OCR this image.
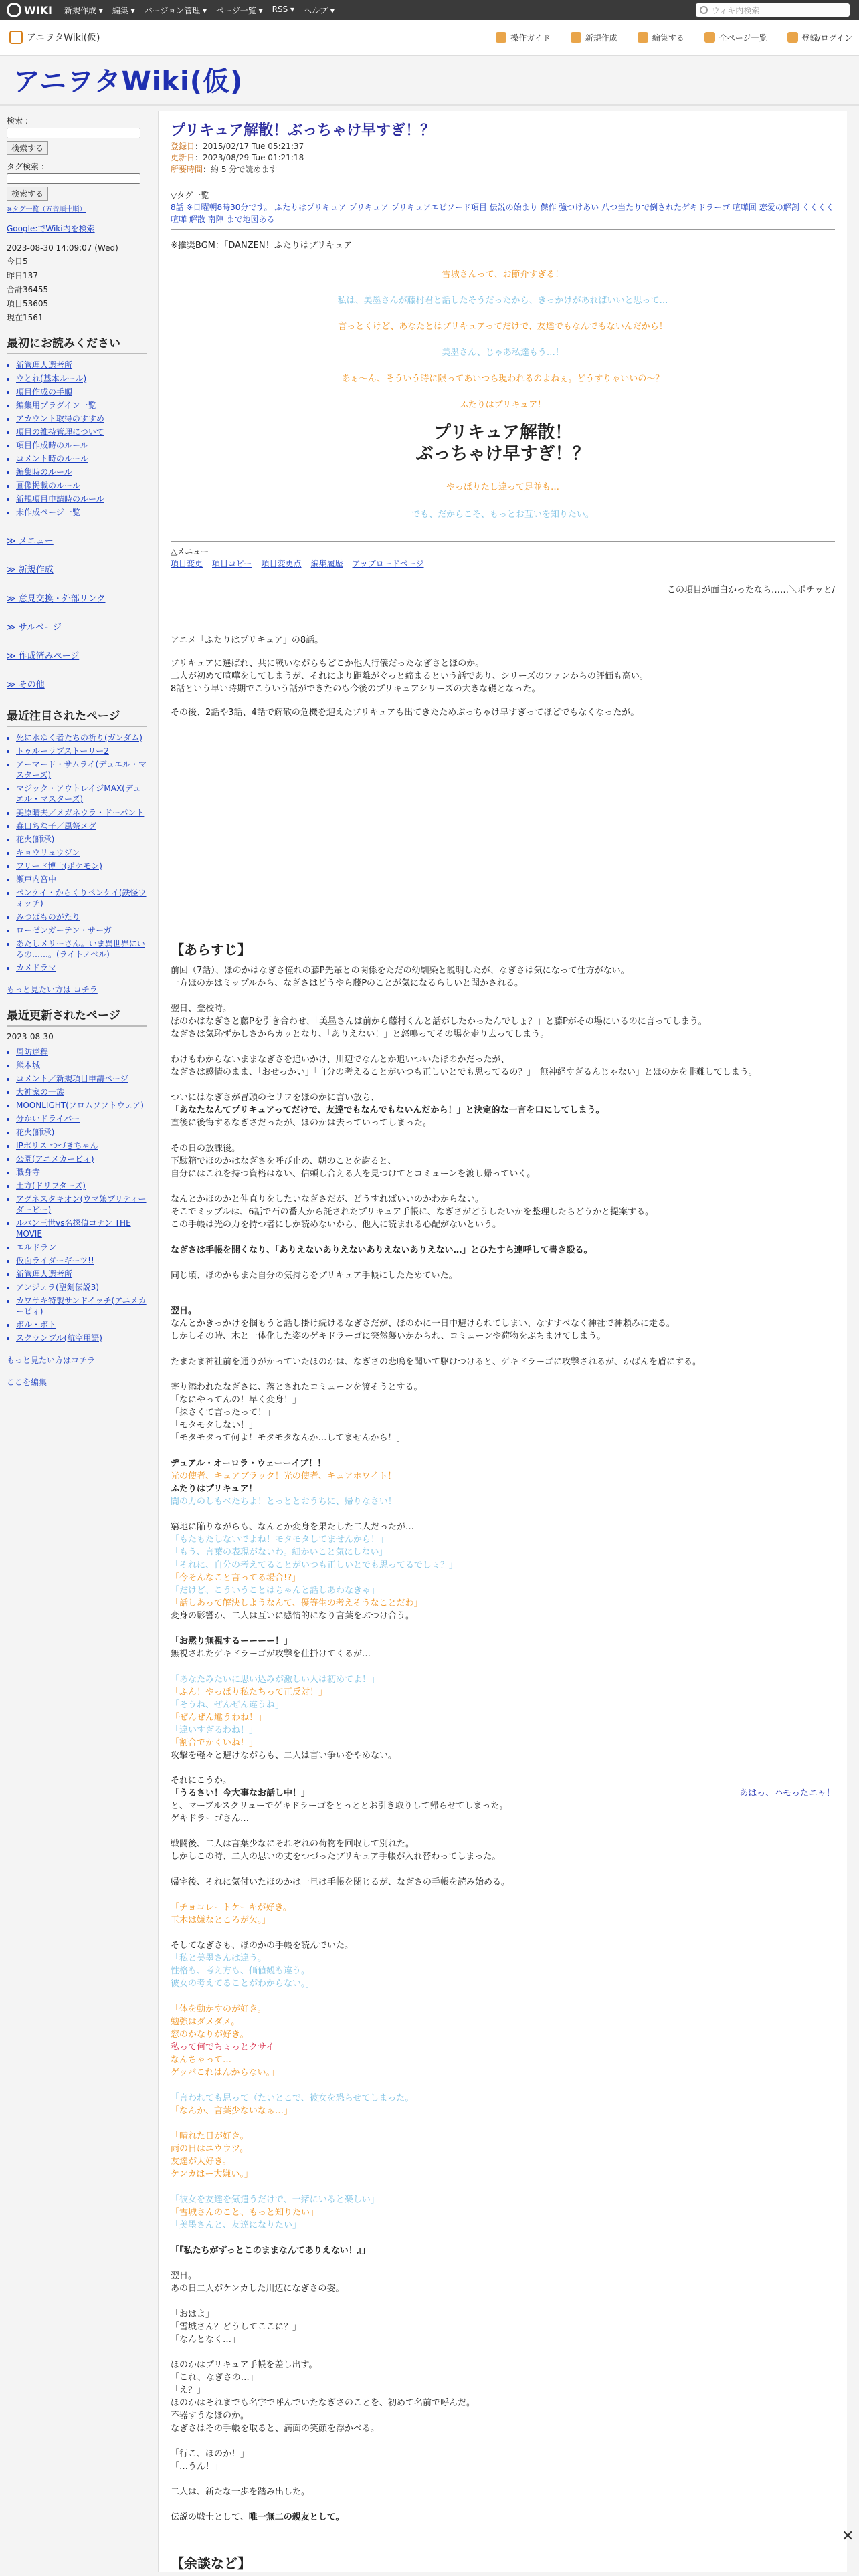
WIKI 新規作成 ▾ 編集 ▾ バージョン管理 ▾ ページ一覧 ▾ RSS ▾ ヘルプ ▾	ウィキ内検索
アニヲタWiki(仮)	操作ガイド	新規作成	編集する	全ページ一覧	登録/ログイン
アニヲタWiki(仮)
検索 :
検索する
タグ検索 :
検索する
※タグ一覧（五音順十順）
Google:でWiki内を検索
2023-08-30 14:09:07 (Wed)
今日5
昨日137
合計36455
項目53605
現在1561
最初にお読みください
• 新管理人選考所
• ウとれ(基本ルール)
• 項目作成の手順
• 編集用プラグイン一覧
• アカウント取得のすすめ
• 項目の維持管理について
• 項目作成時のルール
• コメント時のルール
• 編集時のルール
• 画像掲載のルール
• 新規項目申請時のルール
• 未作成ページ一覧
≫ メニュー
≫ 新規作成
≫ 意見交換・外部リンク
≫ サルベージ
≫ 作成済みページ
≫ その他
最近注目されたページ
• 死に水ゆく者たちの祈り(ガンダム)
• トゥルーラブストーリー2
• アーマード・サムライ(デュエル・マスターズ)
• マジック・アウトレイジMAX(デュエル・マスターズ)
• 美原晴夫／メガネウラ・ドーパント
• 森口ちな子／風祭メグ
• 花火(師承)
• キョウリュウジン
• フリード博士(ポケモン)
• 瀬戸内宮中
• ペンケイ・からくりペンケイ(鉄怪ウォッチ)
• みつばものがたり
• ローゼンガーテン・サーガ
• あたしメリーさん。いま異世界にいるの……。(ライトノベル)
• カメドラマ
もっと見たい方は コチラ
最近更新されたページ
2023-08-30
• 周防達程
• 熊本城
• コメント／新規項目申請ページ
• 大神家の一族
• MOONLIGHT(フロムソフトウェア)
• 分かいドライバー
• 花火(師承)
• IPポリス つづきちゃん
• 公園(アニメカービィ)
• 職身寺
• 土方(ドリフターズ)
• アグネスタキオン(ウマ娘プリティーダービー)
• ルパン三世vs名探偵コナン THE MOVIE
• エルドラン
• 仮面ライダーギーツ!!
• 新管理人選考所
• アンジェラ(聖剣伝説3)
• カワサキ特製サンドイッチ(アニメカービィ)
• ボル・ボト
• スクランブル(航空用語)
もっと見たい方はコチラ
ここを編集
プリキュア解散！ぶっちゃけ早すぎ！？
登録日：2015/02/17 Tue 05:21:37
更新日：2023/08/29 Tue 01:21:18
所要時間：約 5 分で読めます
▽タグ一覧
8話 ※日曜朝8時30分です。 ふたりはプリキュア プリキュア プリキュアエピソード項目 伝説の始まり 傑作 強つけあい 八つ当たりで倒されたゲキドラーゴ 喧嘩回 恋愛の解剖 くくくく喧嘩 解散 南陣 まで地図ある
※推奨BGM：「DANZEN！ふたりはプリキュア」

雪城さんって、お節介すぎる！

私は、美墨さんが藤村君と話したそうだったから、きっかけがあればいいと思って…

言っとくけど、あなたとはプリキュアってだけで、友達でもなんでもないんだから！

美墨さん、じゃあ私達もう…！

あぁ〜ん、そういう時に限ってあいつら現われるのよねぇ。どうすりゃいいの〜？

ふたりはプリキュア！
プリキュア解散！
ぶっちゃけ早すぎ！？
やっぱりたし違って足並も…
でも、だからこそ、もっとお互いを知りたい。
△メニュー
項目変更 項目コピー 項目変更点 編集履歴 アップロードページ
この項目が面白かったなら……＼ポチッと/
アニメ「ふたりはプリキュア」の8話。
プリキュアに選ばれ、共に戦いながらもどこか他人行儀だったなぎさとほのか。
二人が初めて喧嘩をしてしまうが、それにより距離がぐっと縮まるという話であり、シリーズのファンからの評価も高い。
8話という早い時期でこういう話ができたのも今後のプリキュアシリーズの大きな礎となった。
その後、2話や3話、4話で解散の危機を迎えたプリキュアも出てきたためぶっちゃけ早すぎってほどでもなくなったが。
【あらすじ】
前回（7話）、ほのかはなぎさ憧れの藤P先輩との関係をただの幼馴染と説明したが、なぎさは気になって仕方がない。
一方ほのかはミップルから、なぎさはどうやら藤Pのことが気になるらしいと聞かされる。

翌日、登校時。
ほのかはなぎさと藤Pを引き合わせ、「美墨さんは前から藤村くんと話がしたかったんでしょ？」と藤Pがその場にいるのに言ってしまう。
なぎさは気恥ずかしさからカッとなり、「ありえない！」と怒鳴ってその場を走り去ってしまう。

わけもわからないままなぎさを追いかけ、川辺でなんとか追いついたほのかだったが、
なぎさは感情のまま、「おせっかい」「自分の考えることがいつも正しいとでも思ってるの？」「無神経すぎるんじゃない」とほのかを非難してしまう。

ついにはなぎさが冒頭のセリフをほのかに言い放ち、
「あなたなんてプリキュアってだけで、友達でもなんでもないんだから！」と決定的な一言を口にしてしまう。
直後に後悔するなぎさだったが、ほのかは去っていってしまった。

その日の放課後。
下駄箱でほのかはなぎさを呼び止め、朝のことを謝ると、
自分にはこれを持つ資格はない、信頼し合える人を見つけてとコミューンを渡し帰っていく。

なんとかほのかと仲直りをしたいなぎさだが、どうすればいいのかわからない。
そこでミップルは、6話で石の番人から託されたプリキュア手帳に、なぎさがどうしたいかを整理したらどうかと提案する。
この手帳は光の力を持つ者にしか読めないから、他人に読まれる心配がないという。

なぎさは手帳を開くなり、「ありえないありえないありえないありえない…」とひたすら連呼して書き殴る。

同じ頃、ほのかもまた自分の気持ちをプリキュア手帳にしたためていた。
翌日。
なんとかきっかけを掴もうと話し掛け続けるなぎさだが、ほのかに一日中避けられてしまい、なすすべなく神社で神頼みに走る。
しかしその時、木と一体化した姿のゲキドラーゴに突然襲いかかられ、コミューンや荷物をぶちまけてしまう。

たまたま神社前を通りがかっていたほのかは、なぎさの悲鳴を聞いて駆けつけると、ゲキドラーゴに攻撃されるが、かばんを盾にする。

寄り添われたなぎさに、落とされたコミューンを渡そうとする。
「なにやってんの！早く変身！」
「探さくて言ったって！」
「モタモタしない！」
「モタモタって何よ！モタモタなんか…してませんから！」

デュアル・オーロラ・ウェーーイブ！！
光の使者、キュアブラック！光の使者、キュアホワイト！
ふたりはプリキュア！
闇の力のしもべたちよ！とっととおうちに、帰りなさい！

窮地に陥りながらも、なんとか変身を果たした二人だったが…
「もたもたしないでよね！モタモタしてませんから！」
「もう、言葉の表現がないわ。細かいこと気にしない」
「それに、自分の考えてることがいつも正しいとでも思ってるでしょ？」
「今そんなこと言ってる場合!?」
「だけど、こういうことはちゃんと話しあわなきゃ」
「話しあって解決しようなんて、優等生の考えそうなことだわ」
変身の影響か、二人は互いに感情的になり言葉をぶつけ合う。

「お黙り無視するーーーー！」
無視されたゲキドラーゴが攻撃を仕掛けてくるが…

「あなたみたいに思い込みが激しい人は初めてよ！」
「ふん！やっぱり私たちって正反対！」
「そうね、ぜんぜん違うね」
「ぜんぜん違うわね！」
「違いすぎるわね！」
「割合でかくいね！」
攻撃を軽々と避けながらも、二人は言い争いをやめない。
それにこうか。
「うるさい！今大事なお話し中！」	あはっ、ハモったニャ！
と、マーブルスクリューでゲキドラーゴをとっととお引き取りして帰らせてしまった。
ゲキドラーゴさん…

戦闘後、二人は言葉少なにそれぞれの荷物を回収して別れた。
しかしこの時、二人の思いの丈をつづったプリキュア手帳が入れ替わってしまった。

帰宅後、それに気付いたほのかは一旦は手帳を閉じるが、なぎさの手帳を読み始める。

「チョコレートケーキが好き。
玉木は嫌なところが欠。」

そしてなぎさも、ほのかの手帳を読んでいた。
「私と美墨さんは違う。
性格も、考え方も、価値観も違う。
彼女の考えてることがわからない。」

「体を動かすのが好き。
勉強はダメダメ。
窓のかなりが好き。
私って何でちょっとクサイ
なんちゃって…
ゲッパこれはんからない。」

「言われても思って（たいとこで、彼女を恐らせてしまった。
「なんか、言葉少ないなぁ…」

「晴れた日が好き。
雨の日はユウウツ。
友達が大好き。
ケンカはー大嫌い。」

「彼女を友達を気遣うだけで、一緒にいると楽しい」
「雪城さんのこと、もっと知りたい」
「美墨さんと、友達になりたい」

「『私たちがずっとこのままなんてありえない！』」

翌日。
あの日二人がケンカした川辺になぎさの姿。

「おはよ」
「雪城さん？どうしてここに？」
「なんとなく…」

ほのかはプリキュア手帳を差し出す。
「これ、なぎさの…」
「え？」
ほのかはそれまでも名字で呼んでいたなぎさのことを、初めて名前で呼んだ。
不器すうなほのか。
なぎさはその手帳を取ると、満面の笑顔を浮かべる。

「行こ、ほのか！」
「…うん！」

二人は、新たな一歩を踏み出した。

伝説の戦士として、唯一無二の親友として。
【余談など】
✕
